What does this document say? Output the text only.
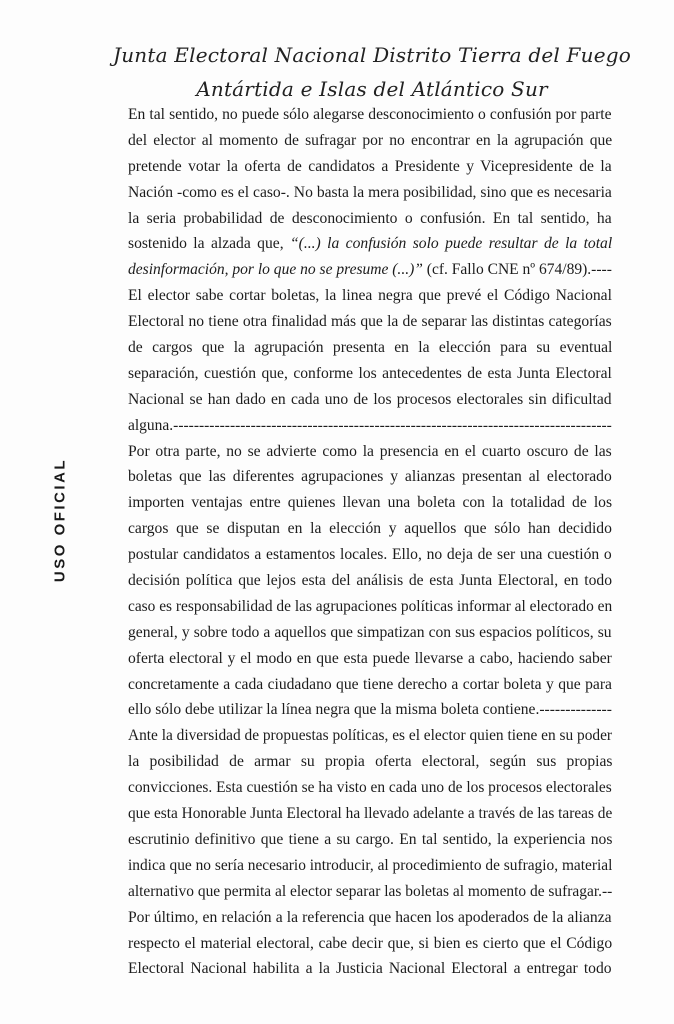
Junta Electoral Nacional Distrito Tierra del Fuego
Antártida e Islas del Atlántico Sur
USO OFICIAL
En tal sentido, no puede sólo alegarse desconocimiento o confusión por parte
del elector al momento de sufragar por no encontrar en la agrupación que
pretende votar la oferta de candidatos a Presidente y Vicepresidente de la
Nación -como es el caso-. No basta la mera posibilidad, sino que es necesaria
la seria probabilidad de desconocimiento o confusión. En tal sentido, ha
sostenido la alzada que, “(...) la confusión solo puede resultar de la total
desinformación, por lo que no se presume (...)” (cf. Fallo CNE nº 674/89).----
El elector sabe cortar boletas, la linea negra que prevé el Código Nacional
Electoral no tiene otra finalidad más que la de separar las distintas categorías
de cargos que la agrupación presenta en la elección para su eventual
separación, cuestión que, conforme los antecedentes de esta Junta Electoral
Nacional se han dado en cada uno de los procesos electorales sin dificultad
alguna.-------------------------------------------------------------------------------------
Por otra parte, no se advierte como la presencia en el cuarto oscuro de las
boletas que las diferentes agrupaciones y alianzas presentan al electorado
importen ventajas entre quienes llevan una boleta con la totalidad de los
cargos que se disputan en la elección y aquellos que sólo han decidido
postular candidatos a estamentos locales. Ello, no deja de ser una cuestión o
decisión política que lejos esta del análisis de esta Junta Electoral, en todo
caso es responsabilidad de las agrupaciones políticas informar al electorado en
general, y sobre todo a aquellos que simpatizan con sus espacios políticos, su
oferta electoral y el modo en que esta puede llevarse a cabo, haciendo saber
concretamente a cada ciudadano que tiene derecho a cortar boleta y que para
ello sólo debe utilizar la línea negra que la misma boleta contiene.--------------
Ante la diversidad de propuestas políticas, es el elector quien tiene en su poder
la posibilidad de armar su propia oferta electoral, según sus propias
convicciones. Esta cuestión se ha visto en cada uno de los procesos electorales
que esta Honorable Junta Electoral ha llevado adelante a través de las tareas de
escrutinio definitivo que tiene a su cargo. En tal sentido, la experiencia nos
indica que no sería necesario introducir, al procedimiento de sufragio, material
alternativo que permita al elector separar las boletas al momento de sufragar.--
Por último, en relación a la referencia que hacen los apoderados de la alianza
respecto el material electoral, cabe decir que, si bien es cierto que el Código
Electoral Nacional habilita a la Justicia Nacional Electoral a entregar todo
